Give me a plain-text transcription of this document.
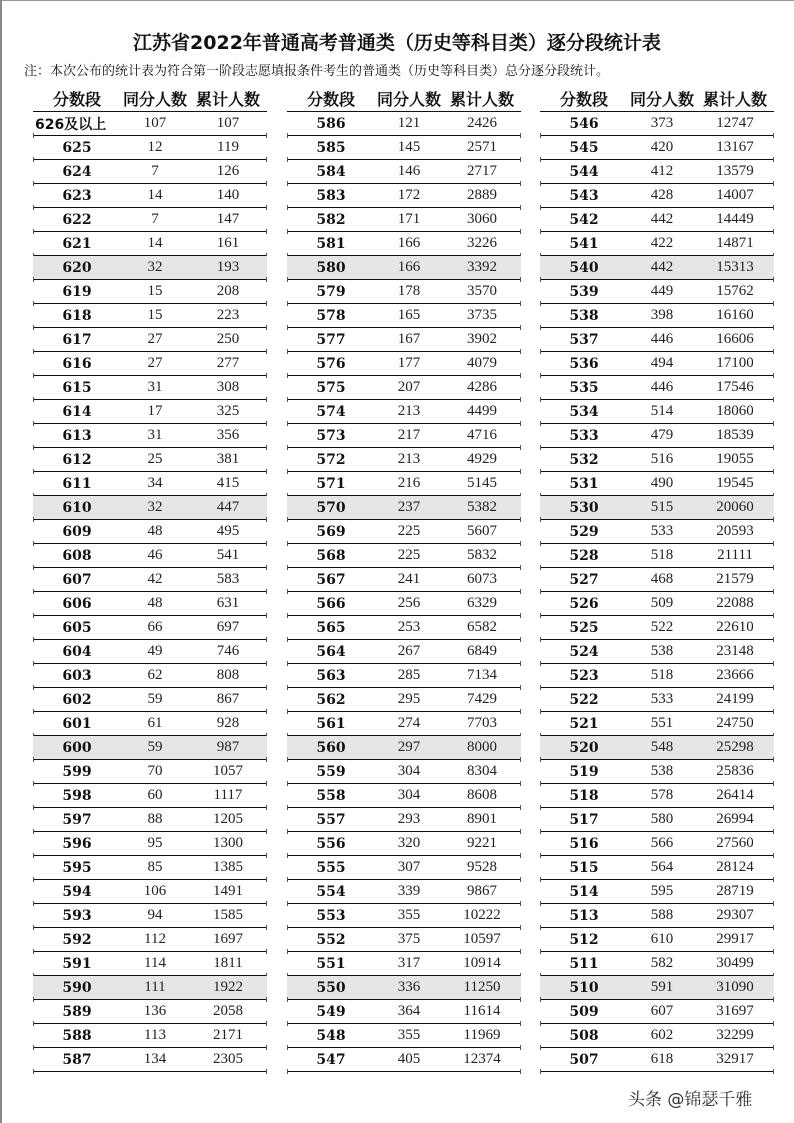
江苏省2022年普通高考普通类（历史等科目类）逐分段统计表
注：本次公布的统计表为符合第一阶段志愿填报条件考生的普通类（历史等科目类）总分逐分段统计。
分数段	同分人数 累计人数
626及以上	107	107
625	12	119
624	7	126
623	14	140
622	7	147
621	14	161
620	32	193
619	15	208
618	15	223
617	27	250
616	27	277
615	31	308
614	17	325
613	31	356
612	25	381
611	34	415
610	32	447
609	48	495
608	46	541
607	42	583
606	48	631
605	66	697
604	49	746
603	62	808
602	59	867
601	61	928
600	59	987
599	70	1057
598	60	1117
597	88	1205
596	95	1300
595	85	1385
594	106	1491
593	94	1585
592	112	1697
591	114	1811
590	111	1922
589	136	2058
588	113	2171
587	134	2305
分数段	同分人数 累计人数
586	121	2426
585	145	2571
584	146	2717
583	172	2889
582	171	3060
581	166	3226
580	166	3392
579	178	3570
578	165	3735
577	167	3902
576	177	4079
575	207	4286
574	213	4499
573	217	4716
572	213	4929
571	216	5145
570	237	5382
569	225	5607
568	225	5832
567	241	6073
566	256	6329
565	253	6582
564	267	6849
563	285	7134
562	295	7429
561	274	7703
560	297	8000
559	304	8304
558	304	8608
557	293	8901
556	320	9221
555	307	9528
554	339	9867
553	355	10222
552	375	10597
551	317	10914
550	336	11250
549	364	11614
548	355	11969
547	405	12374
分数段	同分人数 累计人数
546	373	12747
545	420	13167
544	412	13579
543	428	14007
542	442	14449
541	422	14871
540	442	15313
539	449	15762
538	398	16160
537	446	16606
536	494	17100
535	446	17546
534	514	18060
533	479	18539
532	516	19055
531	490	19545
530	515	20060
529	533	20593
528	518	21111
527	468	21579
526	509	22088
525	522	22610
524	538	23148
523	518	23666
522	533	24199
521	551	24750
520	548	25298
519	538	25836
518	578	26414
517	580	26994
516	566	27560
515	564	28124
514	595	28719
513	588	29307
512	610	29917
511	582	30499
510	591	31090
509	607	31697
508	602	32299
507	618	32917
头条 @锦瑟千雅
